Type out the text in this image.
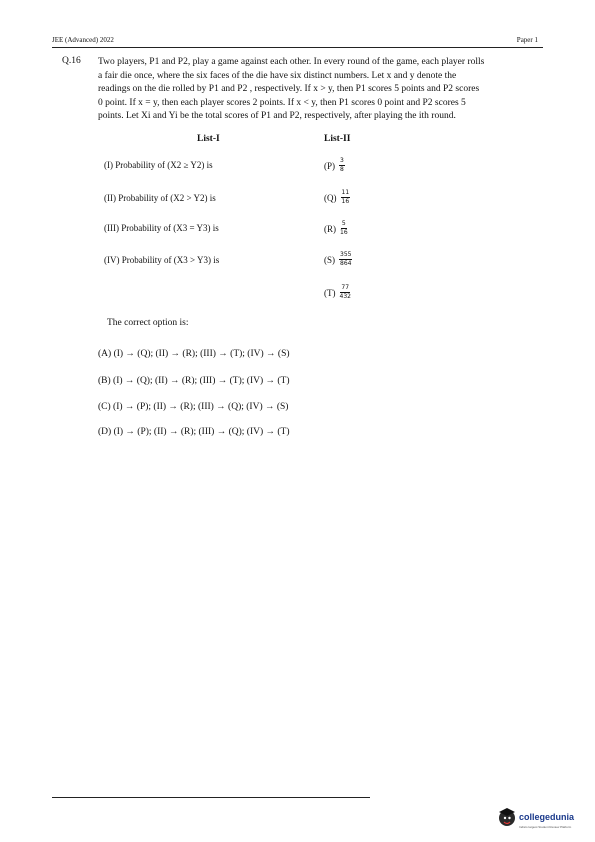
JEE (Advanced) 2022	Paper 1
Q.16 Two players, P1 and P2, play a game against each other. In every round of the game, each player rolls
a fair die once, where the six faces of the die have six distinct numbers. Let x and y denote the
readings on the die rolled by P1 and P2 , respectively. If x > y, then P1 scores 5 points and P2 scores
0 point. If x = y, then each player scores 2 points. If x < y, then P1 scores 0 point and P2 scores 5
points. Let Xi and Yi be the total scores of P1 and P2, respectively, after playing the ith round.
List-I	List-II
(I) Probability of (X2 ≥ Y2) is
(II) Probability of (X2 > Y2) is
(III) Probability of (X3 = Y3) is
(IV) Probability of (X3 > Y3) is
$(P) \frac{3}{8}$
$(Q) \frac{11}{16}$
$(R) \frac{5}{16}$
$(S) \frac{355}{864}$
$(T) \frac{77}{432}$
The correct option is:
(A) (I) → (Q); (II) → (R); (III) → (T); (IV) → (S)
(B) (I) → (Q); (II) → (R); (III) → (T); (IV) → (T)
(C) (I) → (P); (II) → (R); (III) → (Q); (IV) → (S)
(D) (I) → (P); (II) → (R); (III) → (Q); (IV) → (T)
collegedunia
India's largest Student Review Platform
